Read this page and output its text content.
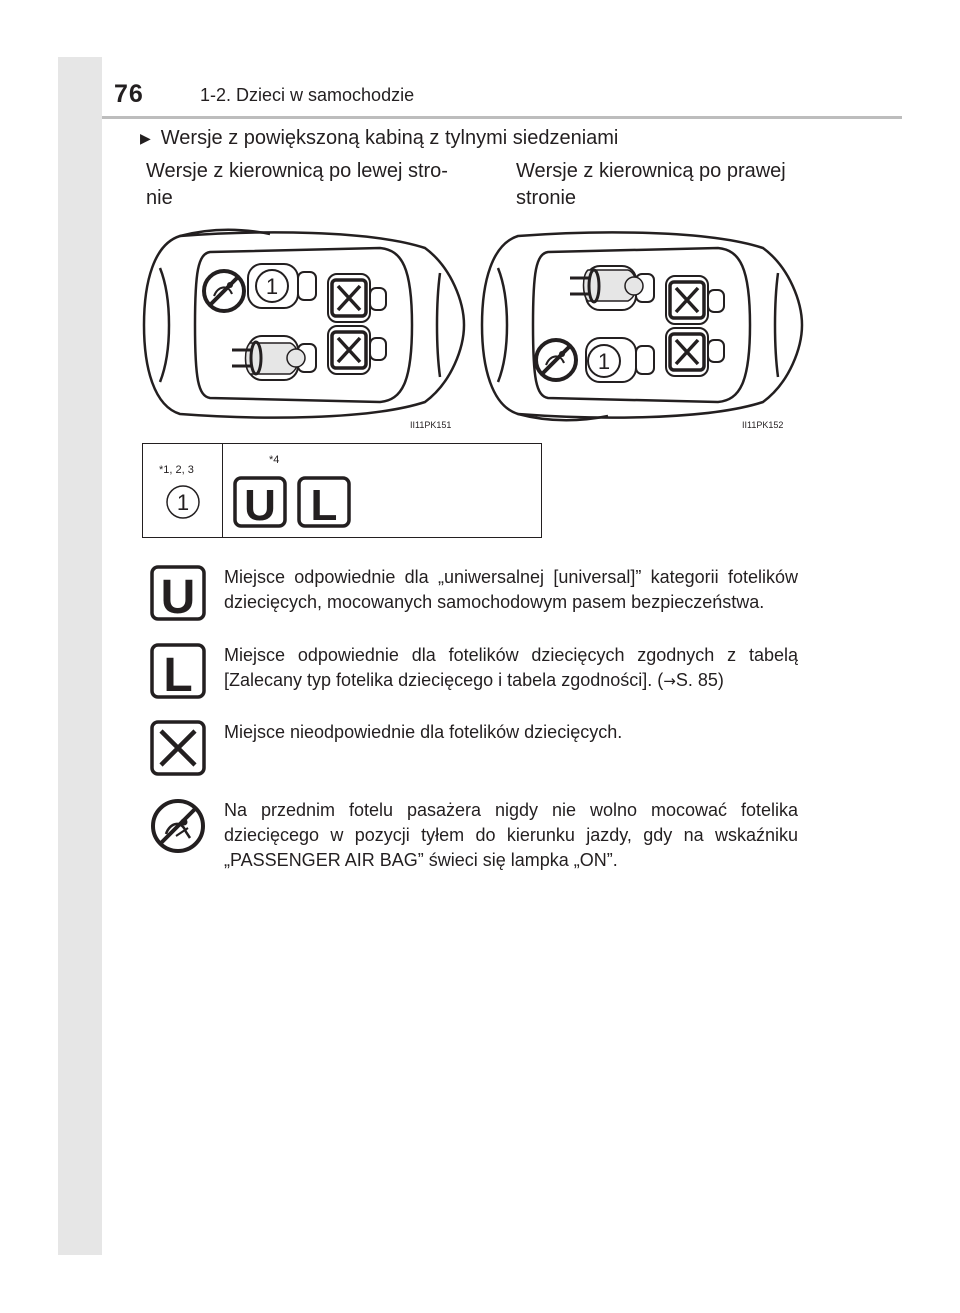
76	1-2. Dzieci w samochodzie
▶ Wersje z powiększoną kabiną z tylnymi siedzeniami
Wersje z kierownicą po lewej stro-
nie
Wersje z kierownicą po prawej
stronie
1
II11PK151
1
II11PK152
*1, 2, 3
*4
1 U L
U Miejsce odpowiednie dla „uniwersalnej [universal]” kategorii fotelików dziecięcych, mocowanych samochodowym pasem bezpieczeństwa.
L Miejsce odpowiednie dla fotelików dziecięcych zgodnych z tabelą [Zalecany typ fotelika dziecięcego i tabela zgodności]. (→S. 85)
Miejsce nieodpowiednie dla fotelików dziecięcych.
Na przednim fotelu pasażera nigdy nie wolno mocować fotelika dziecięcego w pozycji tyłem do kierunku jazdy, gdy na wskaźniku „PASSENGER AIR BAG” świeci się lampka „ON”.
